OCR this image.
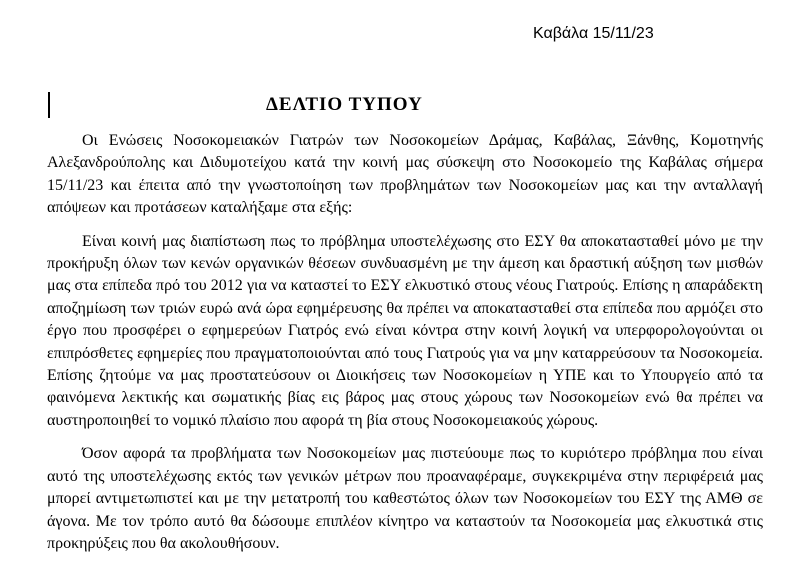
Καβάλα 15/11/23
ΔΕΛΤΙΟ ΤΥΠΟΥ

Οι Ενώσεις Νοσοκομειακών Γιατρών των Νοσοκομείων Δράμας, Καβάλας, Ξάνθης, Κομοτηνής Αλεξανδρούπολης και Διδυμοτείχου κατά την κοινή μας σύσκεψη στο Νοσοκομείο της Καβάλας σήμερα 15/11/23 και έπειτα από την γνωστοποίηση των προβλημάτων των Νοσοκομείων μας και την ανταλλαγή απόψεων και προτάσεων καταλήξαμε στα εξής:

Είναι κοινή μας διαπίστωση πως το πρόβλημα υποστελέχωσης στο ΕΣΥ θα αποκατασταθεί μόνο με την προκήρυξη όλων των κενών οργανικών θέσεων συνδυασμένη με την άμεση και δραστική αύξηση των μισθών μας στα επίπεδα πρό του 2012 για να καταστεί το ΕΣΥ ελκυστικό στους νέους Γιατρούς. Επίσης η απαράδεκτη αποζημίωση των τριών ευρώ ανά ώρα εφημέρευσης θα πρέπει να αποκατασταθεί στα επίπεδα που αρμόζει στο έργο που προσφέρει ο εφημερεύων Γιατρός ενώ είναι κόντρα στην κοινή λογική να υπερφορολογούνται οι επιπρόσθετες εφημερίες που πραγματοποιούνται από τους Γιατρούς για να μην καταρρεύσουν τα Νοσοκομεία. Επίσης ζητούμε να μας προστατεύσουν οι Διοικήσεις των Νοσοκομείων η ΥΠΕ και το Υπουργείο από τα φαινόμενα λεκτικής και σωματικής βίας εις βάρος μας στους χώρους των Νοσοκομείων ενώ θα πρέπει να αυστηροποιηθεί το νομικό πλαίσιο που αφορά τη βία στους Νοσοκομειακούς χώρους.

Όσον αφορά τα προβλήματα των Νοσοκομείων μας πιστεύουμε πως το κυριότερο πρόβλημα που είναι αυτό της υποστελέχωσης εκτός των γενικών μέτρων που προαναφέραμε, συγκεκριμένα στην περιφέρειά μας μπορεί αντιμετωπιστεί και με την μετατροπή του καθεστώτος όλων των Νοσοκομείων του ΕΣΥ της ΑΜΘ σε άγονα. Με τον τρόπο αυτό θα δώσουμε επιπλέον κίνητρο να καταστούν τα Νοσοκομεία μας ελκυστικά στις προκηρύξεις που θα ακολουθήσουν.
